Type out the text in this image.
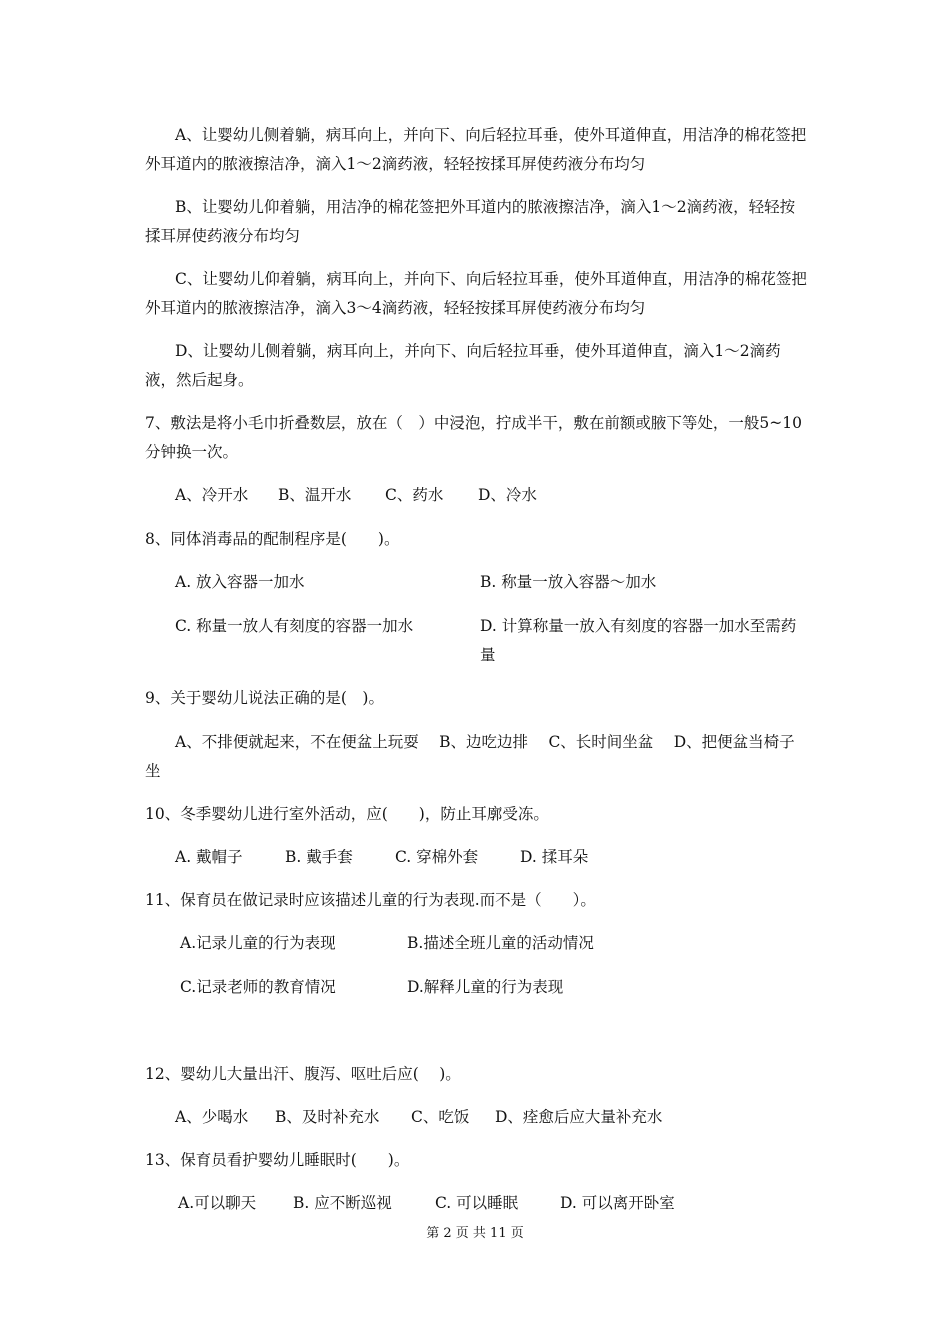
A、让婴幼儿侧着躺，病耳向上，并向下、向后轻拉耳垂，使外耳道伸直，用洁净的棉花签把外耳道内的脓液擦洁净，滴入1～2滴药液，轻轻按揉耳屏使药液分布均匀

B、让婴幼儿仰着躺，用洁净的棉花签把外耳道内的脓液擦洁净，滴入1～2滴药液，轻轻按揉耳屏使药液分布均匀

C、让婴幼儿仰着躺，病耳向上，并向下、向后轻拉耳垂，使外耳道伸直，用洁净的棉花签把外耳道内的脓液擦洁净，滴入3～4滴药液，轻轻按揉耳屏使药液分布均匀

D、让婴幼儿侧着躺，病耳向上，并向下、向后轻拉耳垂，使外耳道伸直，滴入1～2滴药液，然后起身。

7、敷法是将小毛巾折叠数层，放在（　）中浸泡，拧成半干，敷在前额或腋下等处，一般5~10分钟换一次。

A、冷开水 B、温开水 C、药水 D、冷水

8、同体消毒品的配制程序是(　　)。

A. 放入容器一加水	B. 称量一放入容器～加水
C. 称量一放人有刻度的容器一加水	D. 计算称量一放入有刻度的容器一加水至需药量

9、关于婴幼儿说法正确的是(　)。

A、不排便就起来，不在便盆上玩耍　 B、边吃边排　 C、长时间坐盆　 D、把便盆当椅子坐

10、冬季婴幼儿进行室外活动，应(　　)，防止耳廓受冻。

A. 戴帽子	B. 戴手套	C. 穿棉外套	D. 揉耳朵

11、保育员在做记录时应该描述儿童的行为表现.而不是（　　）。

A.记录儿童的行为表现	B.描述全班儿童的活动情况
C.记录老师的教育情况	D.解释儿童的行为表现

12、婴幼儿大量出汗、腹泻、呕吐后应(　 )。

A、少喝水 B、及时补充水 C、吃饭 D、痊愈后应大量补充水

13、保育员看护婴幼儿睡眠时(　　)。

A.可以聊天 B. 应不断巡视	C. 可以睡眠	D. 可以离开卧室
第 2 页 共 11 页
